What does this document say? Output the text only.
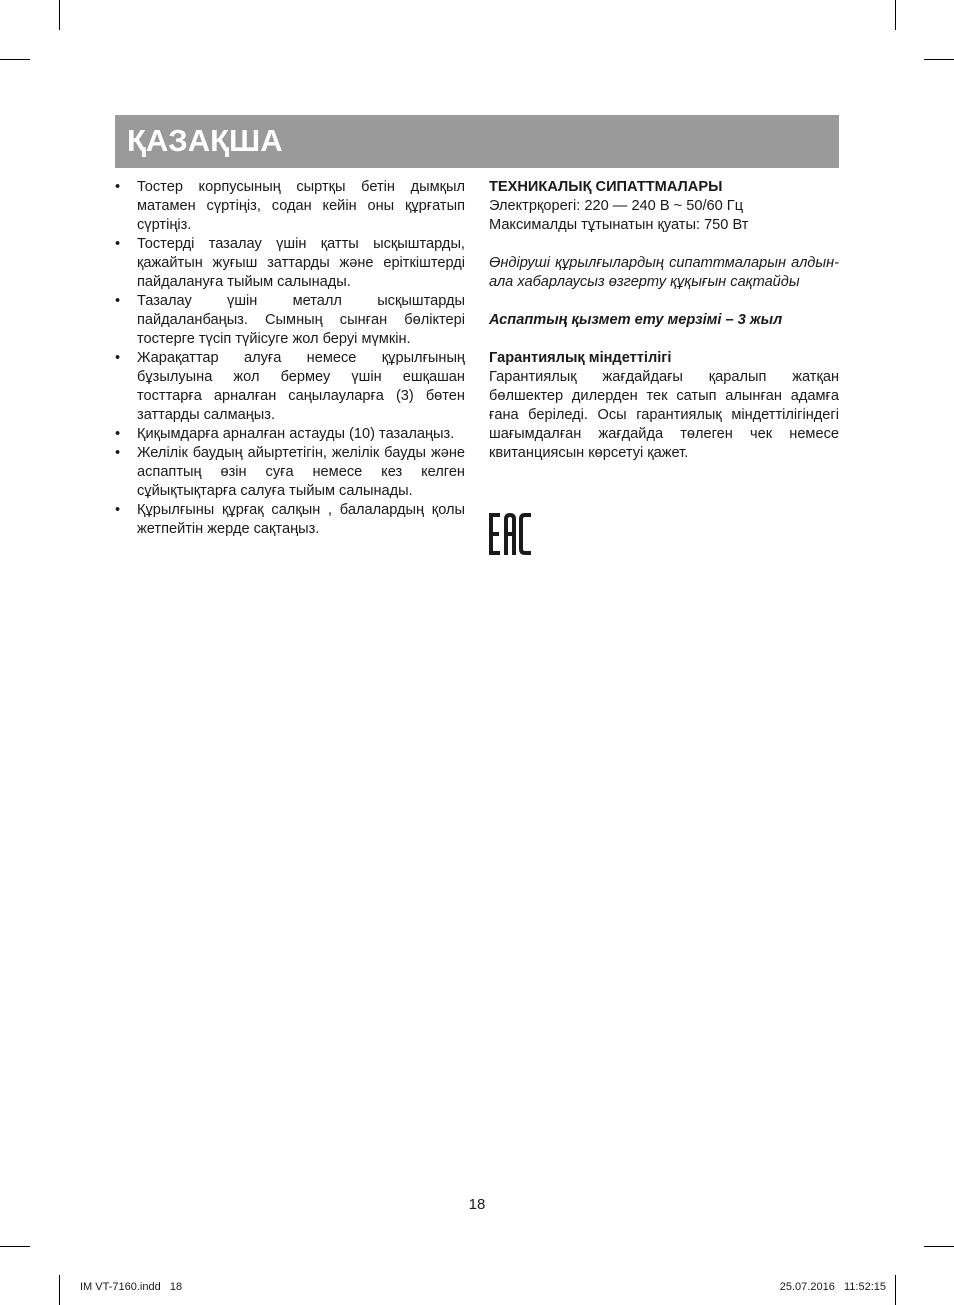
ҚАЗАҚША
• Тостер корпусының сыртқы бетін дымқыл матамен сүртіңіз, содан кейін оны құрғатып сүртіңіз.
• Тостерді тазалау үшін қатты ысқыштарды, қажайтын жуғыш заттарды және еріткіштерді пайдалануға тыйым салынады.
• Тазалау үшін металл ысқыштарды пайдаланбаңыз. Сымның сынған бөліктері тостерге түсіп түйісуге жол беруі мүмкін.
• Жарақаттар алуға немесе құрылғының бұзылуына жол бермеу үшін ешқашан тосттарға арналған саңылауларға (3) бөтен заттарды салмаңыз.
• Қиқымдарға арналған астауды (10) тазалаңыз.
• Желілік баудың айыртетігін, желілік бауды және аспаптың өзін суға немесе кез келген сұйықтықтарға салуға тыйым салынады.
• Құрылғыны құрғақ салқын , балалардың қолы жетпейтін жерде сақтаңыз.

ТЕХНИКАЛЫҚ СИПАТТМАЛАРЫ

Электрқорегі: 220 — 240 В ~ 50/60 Гц

Максималды тұтынатын қуаты: 750 Вт

Өндіруші құрылғылардың сипаттмаларын алдын-ала хабарлаусыз өзгерту құқығын сақтайды

Аспаптың қызмет ету мерзімі – 3 жыл

Гарантиялық міндеттілігі

Гарантиялық жағдайдағы қаралып жатқан бөлшектер дилерден тек сатып алынған адамға ғана беріледі. Осы гарантиялық міндеттілігіндегі шағымдалған жағдайда төлеген чек немесе квитанциясын көрсетуі қажет.

18
IM VT-7160.indd   18	25.07.2016   11:52:15
